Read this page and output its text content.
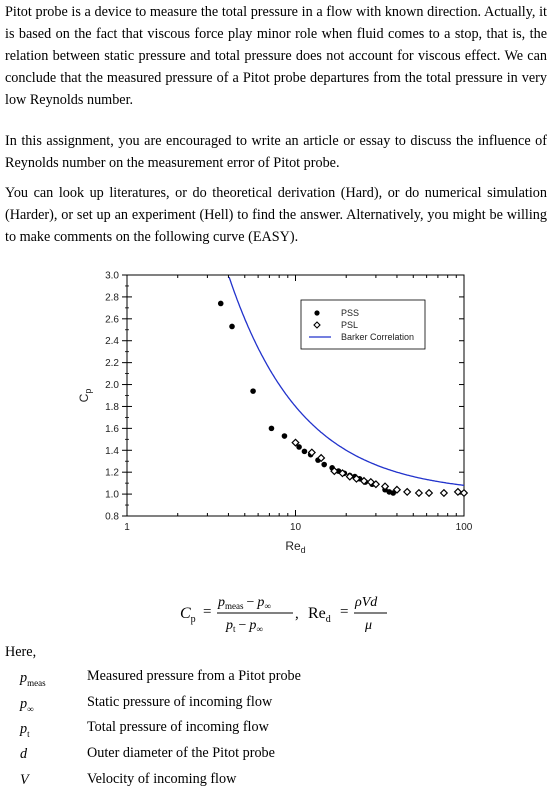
Pitot probe is a device to measure the total pressure in a flow with known direction. Actually, it is based on the fact that viscous force play minor role when fluid comes to a stop, that is, the relation between static pressure and total pressure does not account for viscous effect. We can conclude that the measured pressure of a Pitot probe departures from the total pressure in very low Reynolds number.

In this assignment, you are encouraged to write an article or essay to discuss the influence of Reynolds number on the measurement error of Pitot probe.

You can look up literatures, or do theoretical derivation (Hard), or do numerical simulation (Harder), or set up an experiment (Hell) to find the answer. Alternatively, you might be willing to make comments on the following curve (EASY).

0.8
1.0
1.2
1.4
1.6
1.8
2.0
2.2
2.4
2.6
2.8
3.0
1	10	100
PSS
PSL
Barker Correlation
$C_p$
$Re_d$
$C_p$ =
$p_{meas} - p_\infty$
$p_t - p_\infty$
, $Re_d$ =
ρVd
μ
Here,
$p_{meas}$	Measured pressure from a Pitot probe
$p_\infty$	Static pressure of incoming flow
$p_t$	Total pressure of incoming flow
d	Outer diameter of the Pitot probe
V	Velocity of incoming flow
